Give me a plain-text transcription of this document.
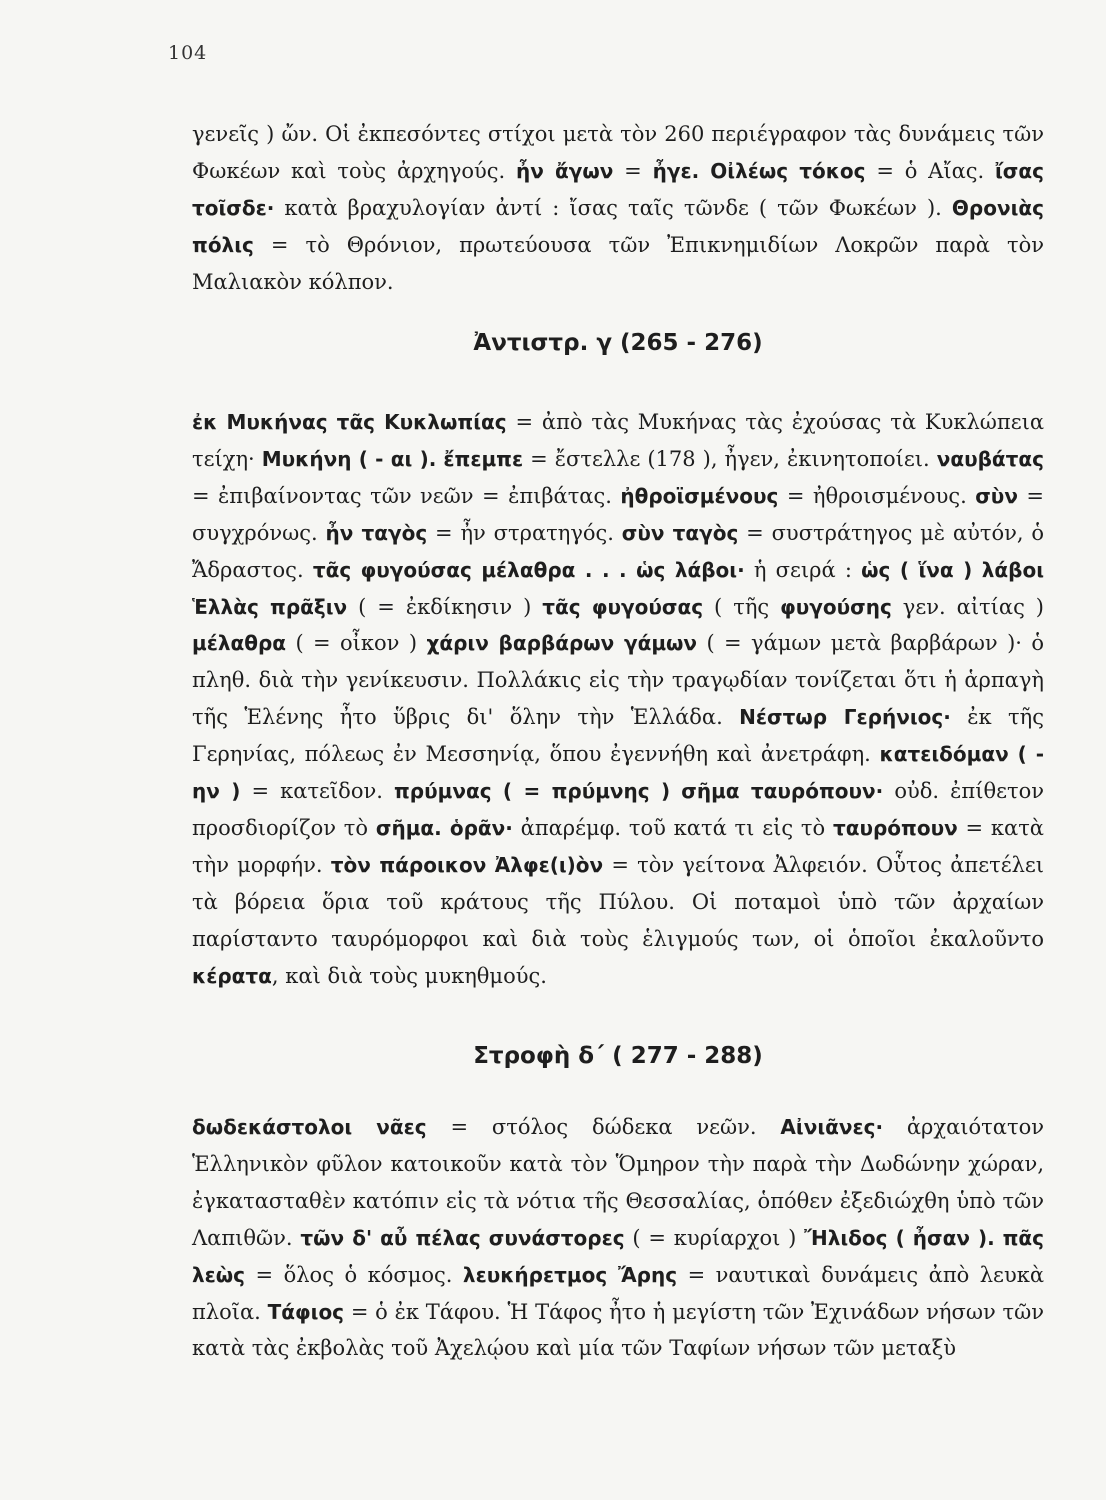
104

γενεῖς ) ὤν. Οἱ ἐκπεσόντες στίχοι μετὰ τὸν 260 περιέγραφον τὰς δυνάμεις τῶν Φωκέων καὶ τοὺς ἀρχηγούς. ἦν ἄγων = ἦγε. Οἰλέως τόκος = ὁ Αἴας. ἴσας τοῖσδε· κατὰ βραχυλογίαν ἀντί : ἴσας ταῖς τῶνδε ( τῶν Φωκέων ). Θρονιὰς πόλις = τὸ Θρόνιον, πρωτεύουσα τῶν Ἐπικνημιδίων Λοκρῶν παρὰ τὸν Μαλιακὸν κόλπον.

Ἀντιστρ. γ (265 - 276)

ἐκ Μυκήνας τᾶς Κυκλωπίας = ἀπὸ τὰς Μυκήνας τὰς ἐχούσας τὰ Κυκλώπεια τείχη· Μυκήνη ( - αι ). ἔπεμπε = ἔστελλε (178 ), ἦγεν, ἐκινητοποίει. ναυβάτας = ἐπιβαίνοντας τῶν νεῶν = ἐπιβάτας. ἠθροϊσμένους = ἠθροισμένους. σὺν = συγχρόνως. ἦν ταγὸς = ἦν στρατηγός. σὺν ταγὸς = συστράτηγος μὲ αὐτόν, ὁ Ἄδραστος. τᾶς φυγούσας μέλαθρα . . . ὡς λάβοι· ἡ σειρά : ὡς ( ἵνα ) λάβοι Ἑλλὰς πρᾶξιν ( = ἐκδίκησιν ) τᾶς φυγούσας ( τῆς φυγούσης γεν. αἰτίας ) μέλαθρα ( = οἶκον ) χάριν βαρβάρων γάμων ( = γάμων μετὰ βαρβάρων )· ὁ πληθ. διὰ τὴν γενίκευσιν. Πολλάκις εἰς τὴν τραγῳδίαν τονίζεται ὅτι ἡ ἁρπαγὴ τῆς Ἑλένης ἦτο ὕβρις δι' ὅλην τὴν Ἑλλάδα. Νέστωρ Γερήνιος· ἐκ τῆς Γερηνίας, πόλεως ἐν Μεσσηνίᾳ, ὅπου ἐγεννήθη καὶ ἀνετράφη. κατειδόμαν ( - ην ) = κατεῖδον. πρύμνας ( = πρύμνης ) σῆμα ταυρόπουν· οὐδ. ἐπίθετον προσδιορίζον τὸ σῆμα. ὁρᾶν· ἀπαρέμφ. τοῦ κατά τι εἰς τὸ ταυρόπουν = κατὰ τὴν μορφήν. τὸν πάροικον Ἀλφε(ι)ὸν = τὸν γείτονα Ἀλφειόν. Οὗτος ἀπετέλει τὰ βόρεια ὅρια τοῦ κράτους τῆς Πύλου. Οἱ ποταμοὶ ὑπὸ τῶν ἀρχαίων παρίσταντο ταυρόμορφοι καὶ διὰ τοὺς ἑλιγμούς των, οἱ ὁποῖοι ἐκαλοῦντο κέρατα, καὶ διὰ τοὺς μυκηθμούς.

Στροφὴ δ΄ ( 277 - 288)

δωδεκάστολοι νᾶες = στόλος δώδεκα νεῶν. Αἰνιᾶνες· ἀρχαιότατον Ἑλληνικὸν φῦλον κατοικοῦν κατὰ τὸν Ὅμηρον τὴν παρὰ τὴν Δωδώνην χώραν, ἐγκατασταθὲν κατόπιν εἰς τὰ νότια τῆς Θεσσαλίας, ὁπόθεν ἐξεδιώχθη ὑπὸ τῶν Λαπιθῶν. τῶν δ' αὖ πέλας συνάστορες ( = κυρίαρχοι ) Ἤλιδος ( ἦσαν ). πᾶς λεὼς = ὅλος ὁ κόσμος. λευκήρετμος Ἄρης = ναυτικαὶ δυνάμεις ἀπὸ λευκὰ πλοῖα. Τάφιος = ὁ ἐκ Τάφου. Ἡ Τάφος ἦτο ἡ μεγίστη τῶν Ἐχινάδων νήσων τῶν κατὰ τὰς ἐκβολὰς τοῦ Ἀχελῴου καὶ μία τῶν Ταφίων νήσων τῶν μεταξὺ
